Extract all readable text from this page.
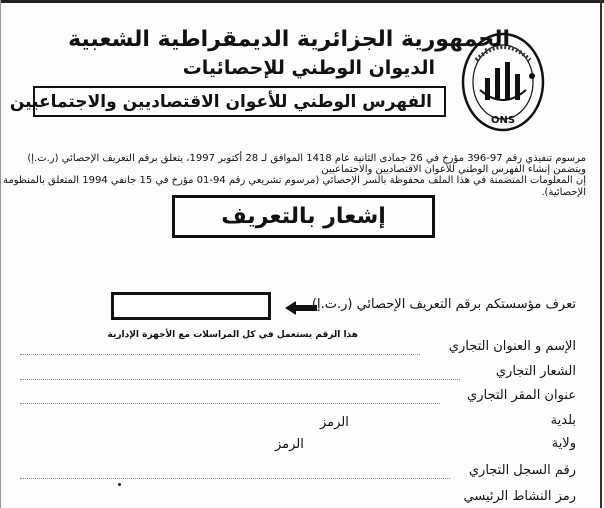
الجمهورية الجزائرية الديمقراطية الشعبية
الديوان الوطني للإحصائيات
الفهرس الوطني للأعوان الاقتصاديين والاجتماعيين
ONS
مرسوم تنفيذي رقم 97-396 مؤرخ في 26 جمادى الثانية عام 1418 الموافق لـ 28 أكتوبر 1997، يتعلق برقم التعريف الإحصائي (ر.ت.إ)
ويتضمن إنشاء الفهرس الوطني للأعوان الاقتصاديين والاجتماعيين
إن المعلومات المتضمنة في هذا الملف محفوظة بالسر الإحصائي (مرسوم تشريعي رقم 94-01 مؤرخ في 15 جانفي 1994 المتعلق بالمنظومة
الإحصائية).
إشعار بالتعريف
تعرف مؤسستكم برقم التعريف الإحصائي (ر.ت.إ)
هذا الرقم يستعمل في كل المراسلات مع الأجهزة الإدارية
الإسم و العنوان التجاري
الشعار التجاري
عنوان المقر التجاري
بلدية
الرمز
ولاية
الرمز
رقم السجل التجاري
رمز النشاط الرئيسي
